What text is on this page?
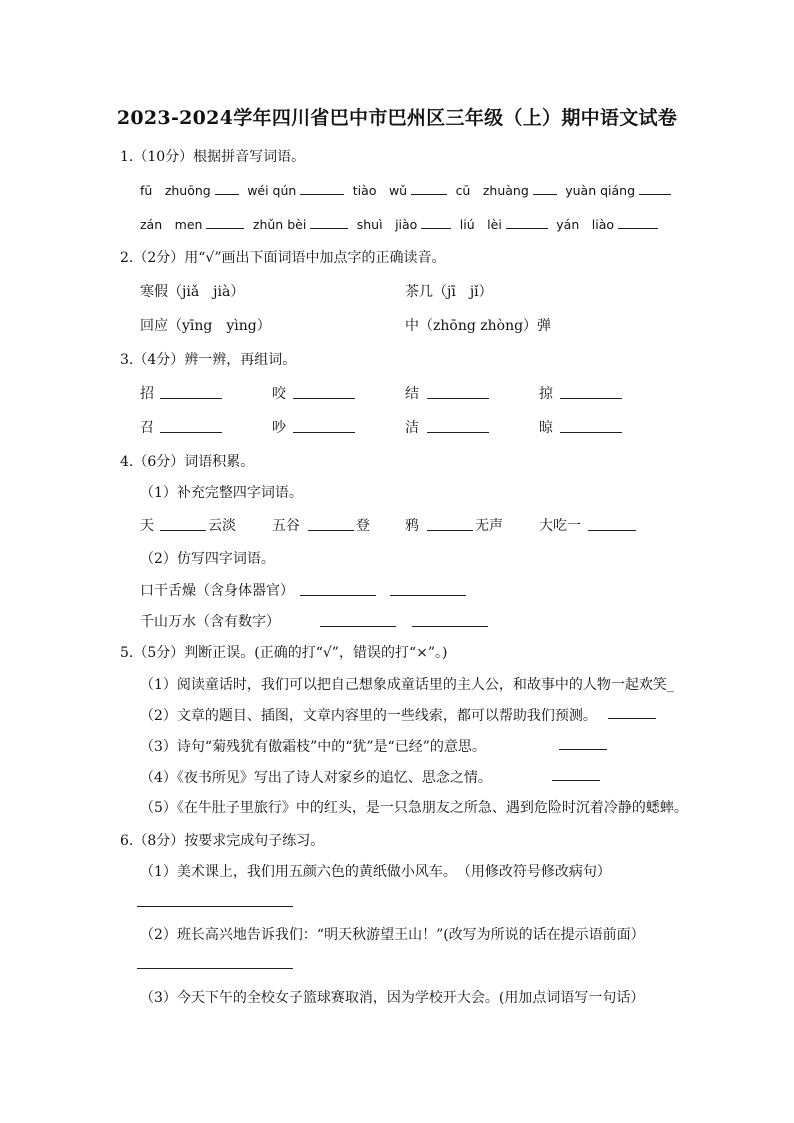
2023-2024学年四川省巴中市巴州区三年级（上）期中语文试卷
1.（10分）根据拼音写词语。
fū　zhuōng	wéi qún	tiào　wǔ	cū　zhuàng	yuàn qiáng
zán　men	zhǔn bèi	shuì　jiào	liú　lèi	yán　liào
2.（2分）用“√”画出下面词语中加点字的正确读音。
寒假（jiǎ　jià）	茶几（jī　jǐ）
回应（yīng　yìng）	中（zhōng zhòng）弹
3.（4分）辨一辨，再组词。
招	咬	结	掠
召	吵	洁	晾
4.（6分）词语积累。
（1）补充完整四字词语。
天	云淡	五谷	登	鸦	无声	大吃一
（2）仿写四字词语。
口干舌燥（含身体器官）
千山万水（含有数字）
5.（5分）判断正误。(正确的打“√”，错误的打“×”。)
（1）阅读童话时，我们可以把自己想象成童话里的主人公，和故事中的人物一起欢笑_
（2）文章的题目、插图，文章内容里的一些线索，都可以帮助我们预测。
（3）诗句“菊残犹有傲霜枝”中的“犹”是“已经”的意思。
（4）《夜书所见》写出了诗人对家乡的追忆、思念之情。
（5）《在牛肚子里旅行》中的红头，是一只急朋友之所急、遇到危险时沉着冷静的蟋蟀。
6.（8分）按要求完成句子练习。
（1）美术课上，我们用五颜六色的黄纸做小风车。　（用修改符号修改病句）
（2）班长高兴地告诉我们：“明天秋游望王山！”(改写为所说的话在提示语前面）
（3）今天下午的全校女子篮球赛取消，因为学校开大会。(用加点词语写一句话）
